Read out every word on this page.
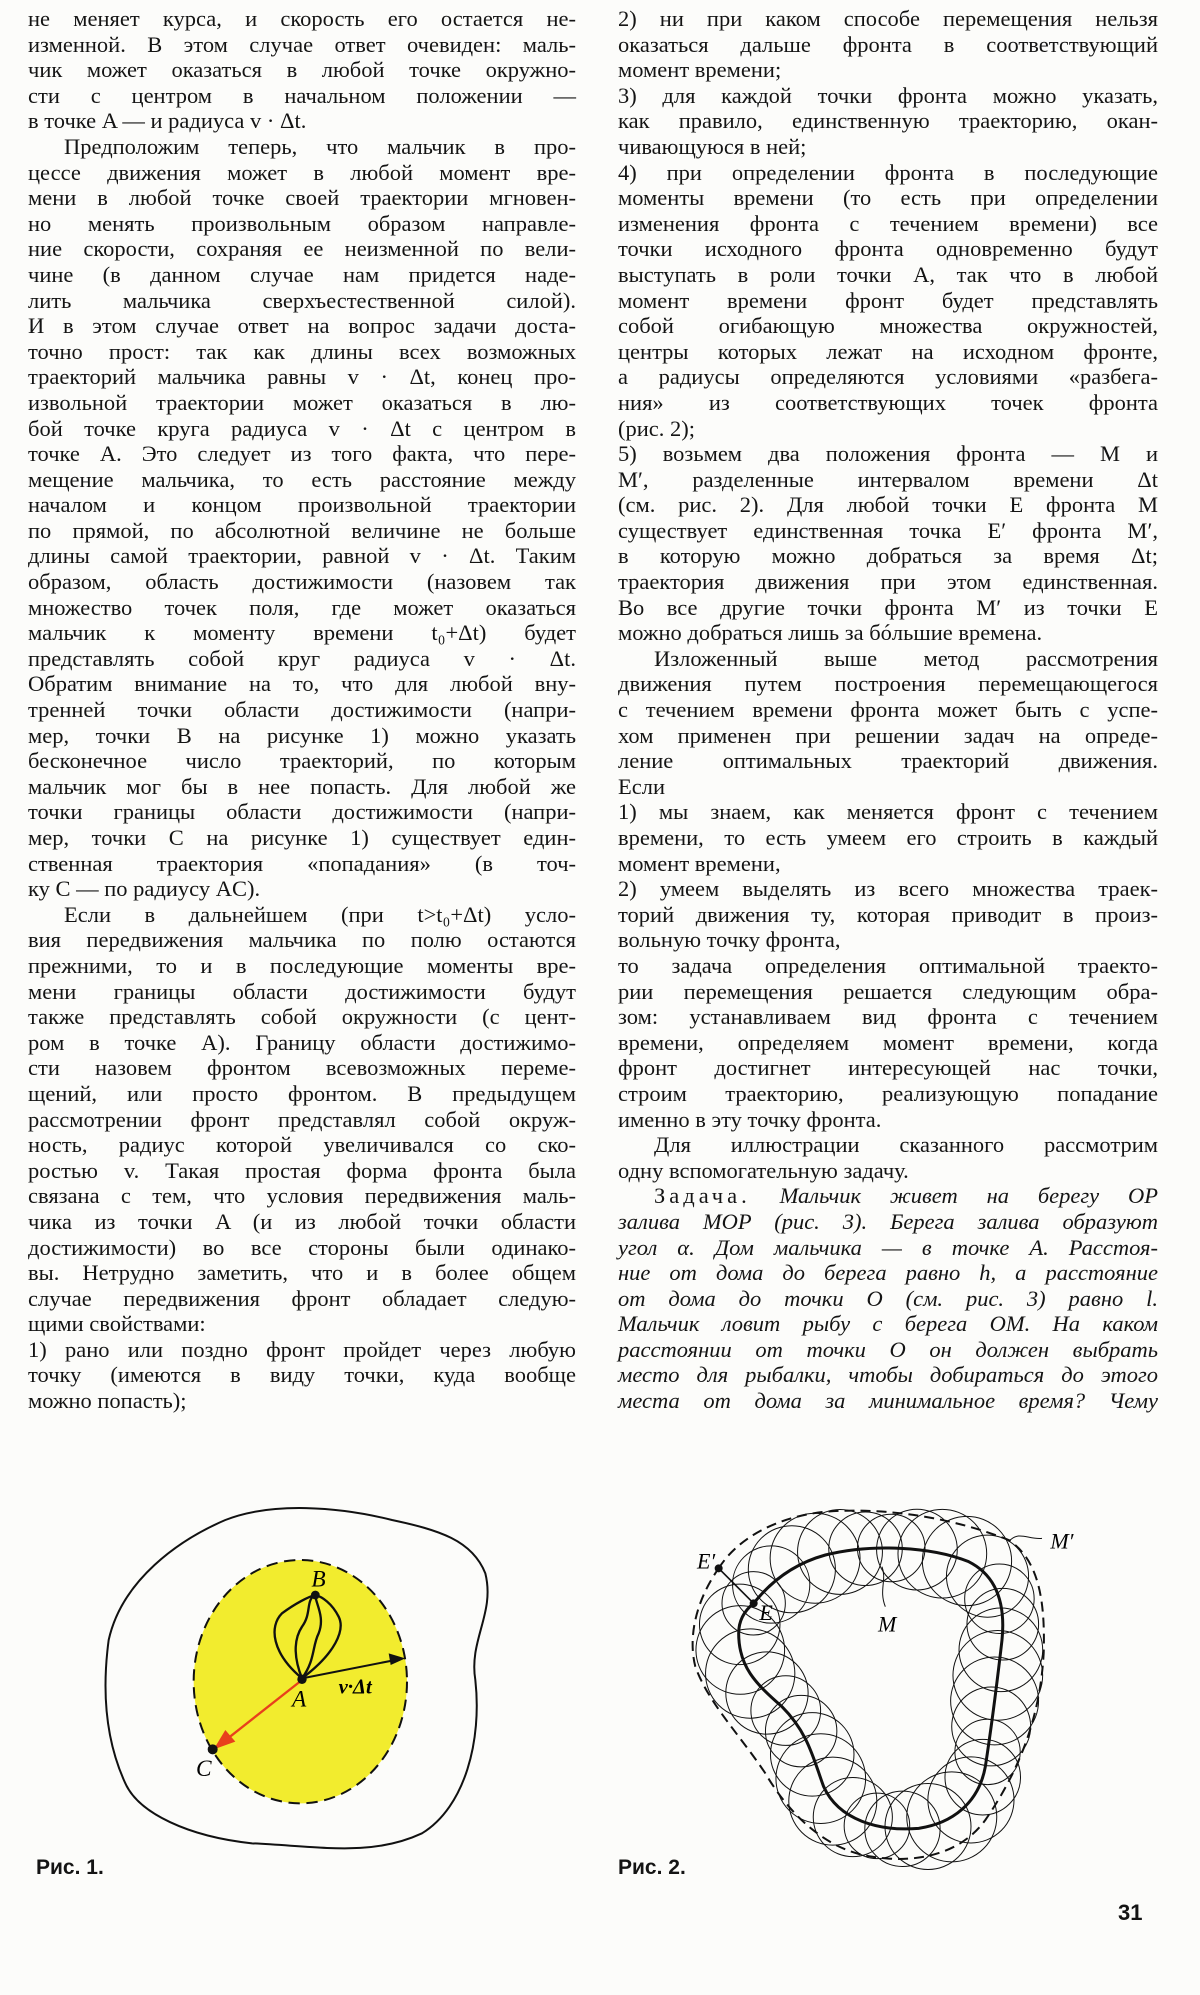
не меняет курса, и скорость его остается не-
изменной. В этом случае ответ очевиден: маль-
чик может оказаться в любой точке окружно-
сти с центром в начальном положении —
в точке A — и радиуса v · Δt.
Предположим теперь, что мальчик в про-
цессе движения может в любой момент вре-
мени в любой точке своей траектории мгновен-
но менять произвольным образом направле-
ние скорости, сохраняя ее неизменной по вели-
чине (в данном случае нам придется наде-
лить мальчика сверхъестественной силой).
И в этом случае ответ на вопрос задачи доста-
точно прост: так как длины всех возможных
траекторий мальчика равны v · Δt, конец про-
извольной траектории может оказаться в лю-
бой точке круга радиуса v · Δt с центром в
точке A. Это следует из того факта, что пере-
мещение мальчика, то есть расстояние между
началом и концом произвольной траектории
по прямой, по абсолютной величине не больше
длины самой траектории, равной v · Δt. Таким
образом, область достижимости (назовем так
множество точек поля, где может оказаться
мальчик к моменту времени t₀+Δt) будет
представлять собой круг радиуса v · Δt.
Обратим внимание на то, что для любой вну-
тренней точки области достижимости (напри-
мер, точки B на рисунке 1) можно указать
бесконечное число траекторий, по которым
мальчик мог бы в нее попасть. Для любой же
точки границы области достижимости (напри-
мер, точки C на рисунке 1) существует един-
ственная траектория «попадания» (в точ-
ку C — по радиусу AC).
Если в дальнейшем (при t>t₀+Δt) усло-
вия передвижения мальчика по полю остаются
прежними, то и в последующие моменты вре-
мени границы области достижимости будут
также представлять собой окружности (с цент-
ром в точке A). Границу области достижимо-
сти назовем фронтом всевозможных переме-
щений, или просто фронтом. В предыдущем
рассмотрении фронт представлял собой окруж-
ность, радиус которой увеличивался со ско-
ростью v. Такая простая форма фронта была
связана с тем, что условия передвижения маль-
чика из точки A (и из любой точки области
достижимости) во все стороны были одинако-
вы. Нетрудно заметить, что и в более общем
случае передвижения фронт обладает следую-
щими свойствами:
1) рано или поздно фронт пройдет через любую
точку (имеются в виду точки, куда вообще
можно попасть);
2) ни при каком способе перемещения нельзя
оказаться дальше фронта в соответствующий
момент времени;
3) для каждой точки фронта можно указать,
как правило, единственную траекторию, окан-
чивающуюся в ней;
4) при определении фронта в последующие
моменты времени (то есть при определении
изменения фронта с течением времени) все
точки исходного фронта одновременно будут
выступать в роли точки A, так что в любой
момент времени фронт будет представлять
собой огибающую множества окружностей,
центры которых лежат на исходном фронте,
а радиусы определяются условиями «разбега-
ния» из соответствующих точек фронта
(рис. 2);
5) возьмем два положения фронта — M и
M′, разделенные интервалом времени Δt
(см. рис. 2). Для любой точки E фронта M
существует единственная точка E′ фронта M′,
в которую можно добраться за время Δt;
траектория движения при этом единственная.
Во все другие точки фронта M′ из точки E
можно добраться лишь за бóльшие времена.
Изложенный выше метод рассмотрения
движения путем построения перемещающегося
с течением времени фронта может быть с успе-
хом применен при решении задач на опреде-
ление оптимальных траекторий движения.
Если
1) мы знаем, как меняется фронт с течением
времени, то есть умеем его строить в каждый
момент времени,
2) умеем выделять из всего множества траек-
торий движения ту, которая приводит в произ-
вольную точку фронта,
то задача определения оптимальной траекто-
рии перемещения решается следующим обра-
зом: устанавливаем вид фронта с течением
времени, определяем момент времени, когда
фронт достигнет интересующей нас точки,
строим траекторию, реализующую попадание
именно в эту точку фронта.
Для иллюстрации сказанного рассмотрим
одну вспомогательную задачу.
Задача. Мальчик живет на берегу OP
залива MOP (рис. 3). Берега залива образуют
угол α. Дом мальчика — в точке A. Расстоя-
ние от дома до берега равно h, а расстояние
от дома до точки O (см. рис. 3) равно l.
Мальчик ловит рыбу с берега OM. На каком
расстоянии от точки O он должен выбрать
место для рыбалки, чтобы добираться до этого
места от дома за минимальное время? Чему
B
A
C
v·Δt
Рис. 1.
E′
E M
M′
Рис. 2.
31
